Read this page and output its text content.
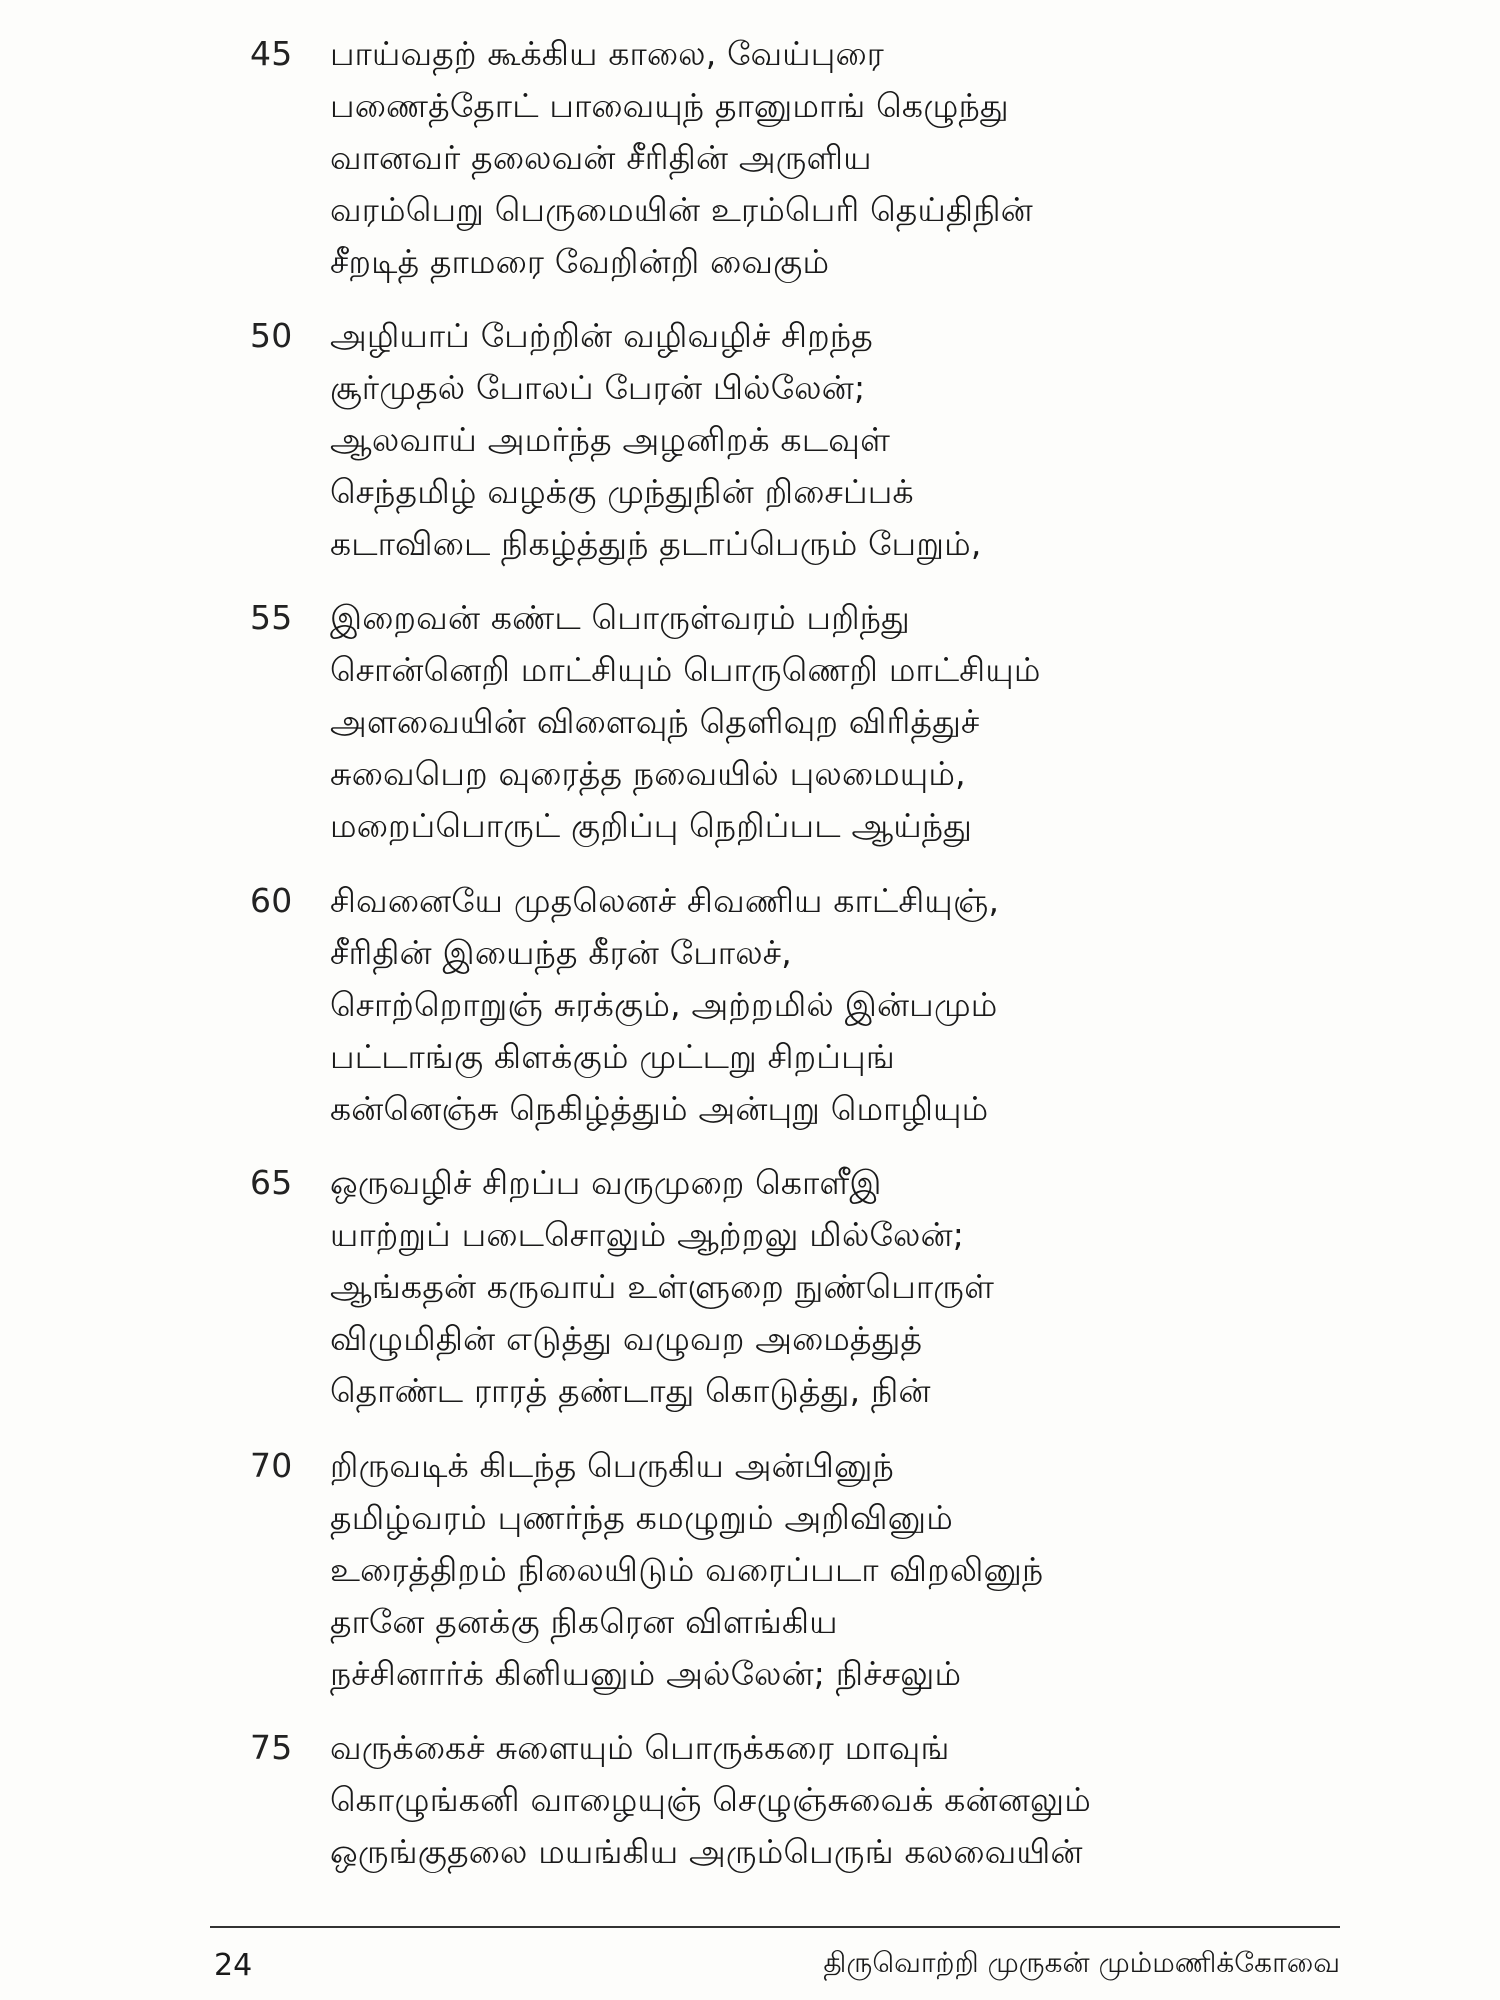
45	பாய்வதற் கூக்கிய காலை, வேய்புரை
பணைத்தோட் பாவையுந் தானுமாங் கெழுந்து
வானவர் தலைவன் சீரிதின் அருளிய
வரம்பெறு பெருமையின் உரம்பெரி தெய்திநின்
சீறடித் தாமரை வேறின்றி வைகும்
50	அழியாப் பேற்றின் வழிவழிச் சிறந்த
சூர்முதல் போலப் பேரன் பில்லேன்;
ஆலவாய் அமர்ந்த அழனிறக் கடவுள்
செந்தமிழ் வழக்கு முந்துநின் றிசைப்பக்
கடாவிடை நிகழ்த்துந் தடாப்பெரும் பேறும்,
55	இறைவன் கண்ட பொருள்வரம் பறிந்து
சொன்னெறி மாட்சியும் பொருணெறி மாட்சியும்
அளவையின் விளைவுந் தெளிவுற விரித்துச்
சுவைபெற வுரைத்த நவையில் புலமையும்,
மறைப்பொருட் குறிப்பு நெறிப்பட ஆய்ந்து
60	சிவனையே முதலெனச் சிவணிய காட்சியுஞ்,
சீரிதின் இயைந்த கீரன் போலச்,
சொற்றொறுஞ் சுரக்கும், அற்றமில் இன்பமும்
பட்டாங்கு கிளக்கும் முட்டறு சிறப்புங்
கன்னெஞ்சு நெகிழ்த்தும் அன்புறு மொழியும்
65	ஒருவழிச் சிறப்ப வருமுறை கொளீஇ
யாற்றுப் படைசொலும் ஆற்றலு மில்லேன்;
ஆங்கதன் கருவாய் உள்ளுறை நுண்பொருள்
விழுமிதின் எடுத்து வழுவற அமைத்துத்
தொண்ட ராரத் தண்டாது கொடுத்து, நின்
70	றிருவடிக் கிடந்த பெருகிய அன்பினுந்
தமிழ்வரம் புணர்ந்த கமழுறும் அறிவினும்
உரைத்திறம் நிலையிடும் வரைப்படா விறலினுந்
தானே தனக்கு நிகரென விளங்கிய
நச்சினார்க் கினியனும் அல்லேன்; நிச்சலும்
75	வருக்கைச் சுளையும் பொருக்கரை மாவுங்
கொழுங்கனி வாழையுஞ் செழுஞ்சுவைக் கன்னலும்
ஒருங்குதலை மயங்கிய அரும்பெருங் கலவையின்
24	திருவொற்றி முருகன் மும்மணிக்கோவை
